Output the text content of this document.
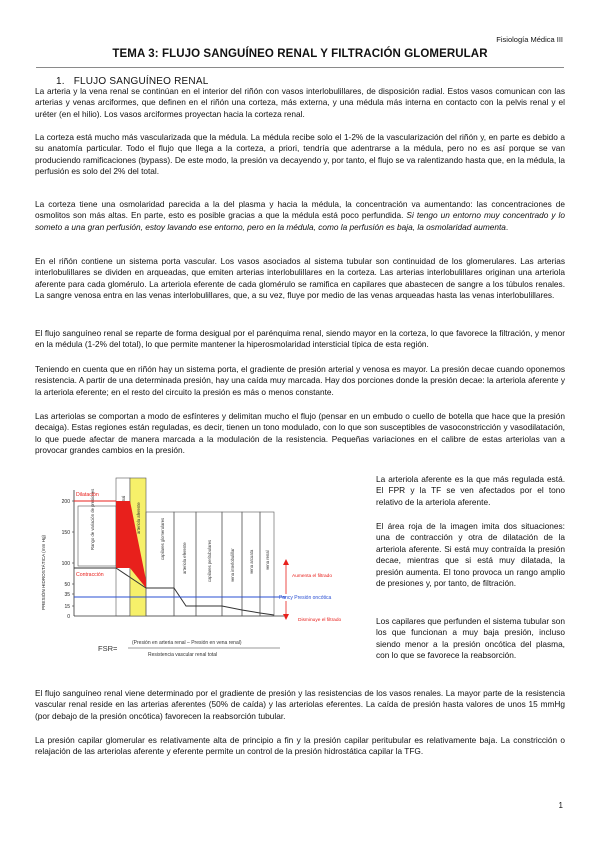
Fisiología Médica III
TEMA 3: FLUJO SANGUÍNEO RENAL Y FILTRACIÓN GLOMERULAR
1. FLUJO SANGUÍNEO RENAL

La arteria y la vena renal se continúan en el interior del riñón con vasos interlobulillares, de disposición radial. Estos vasos comunican con las arterias y venas arciformes, que definen en el riñón una corteza, más externa, y una médula más interna en contacto con la pelvis renal y el uréter (en el hilio). Los vasos arciformes proyectan hacia la corteza renal.

La corteza está mucho más vascularizada que la médula. La médula recibe solo el 1-2% de la vascularización del riñón y, en parte es debido a su anatomía particular. Todo el flujo que llega a la corteza, a priori, tendría que adentrarse a la médula, pero no es así porque se van produciendo ramificaciones (bypass). De este modo, la presión va decayendo y, por tanto, el flujo se va ralentizando hasta que, en la médula, la perfusión es solo del 2% del total.

La corteza tiene una osmolaridad parecida a la del plasma y hacia la médula, la concentración va aumentando: las concentraciones de osmolitos son más altas. En parte, esto es posible gracias a que la médula está poco perfundida. Si tengo un entorno muy concentrado y lo someto a una gran perfusión, estoy lavando ese entorno, pero en la médula, como la perfusión es baja, la osmolaridad aumenta.

En el riñón contiene un sistema porta vascular. Los vasos asociados al sistema tubular son continuidad de los glomerulares. Las arterias interlobulillares se dividen en arqueadas, que emiten arterias interlobulillares en la corteza. Las arterias interlobulillares originan una arteriola aferente para cada glomérulo. La arteriola eferente de cada glomérulo se ramifica en capilares que abastecen de sangre a los túbulos renales. La sangre venosa entra en las venas interlobulillares, que, a su vez, fluye por medio de las venas arqueadas hasta las venas interlobulillares.

El flujo sanguíneo renal se reparte de forma desigual por el parénquima renal, siendo mayor en la corteza, lo que favorece la filtración, y menor en la médula (1-2% del total), lo que permite mantener la hiperosmolaridad intersticial típica de esta región.

Teniendo en cuenta que en riñón hay un sistema porta, el gradiente de presión arterial y venosa es mayor. La presión decae cuando oponemos resistencia. A partir de una determinada presión, hay una caída muy marcada. Hay dos porciones donde la presión decae: la arteriola aferente y la arteriola eferente; en el resto del circuito la presión es más o menos constante.

Las arteriolas se comportan a modo de esfínteres y delimitan mucho el flujo (pensar en un embudo o cuello de botella que hace que la presión decaiga). Estas regiones están reguladas, es decir, tienen un tono modulado, con lo que son susceptibles de vasoconstricción y vasodilatación, lo que puede afectar de manera marcada a la modulación de la resistencia. Pequeñas variaciones en el calibre de estas arteriolas van a provocar grandes cambios en la presión.

PRESIÓN HIDROSTÁTICA (mm Hg)
200
150
100
50
35
15
0
arteriola aferente	capilares glomerulares	arteriola eferente	capilares peritubulares	vena interlobulillar	vena arcuata	vena renal
Rango de variación de presiones
Dilatación
Contracción
Pancy Presión oncótica
Aumenta el filtrado
Disminuye el filtrado
FSR=
(Presión en arteria renal – Presión en vena renal)
Resistencia vascular renal total

La arteriola aferente es la que más regulada está. El FPR y la TF se ven afectados por el tono relativo de la arteriola aferente.

El área roja de la imagen imita dos situaciones: una de contracción y otra de dilatación de la arteriola aferente. Si está muy contraída la presión decae, mientras que si está muy dilatada, la presión aumenta. El tono provoca un rango amplio de presiones y, por tanto, de filtración.

Los capilares que perfunden el sistema tubular son los que funcionan a muy baja presión, incluso siendo menor a la presión oncótica del plasma, con lo que se favorece la reabsorción.

El flujo sanguíneo renal viene determinado por el gradiente de presión y las resistencias de los vasos renales. La mayor parte de la resistencia vascular renal reside en las arterias aferentes (50% de caída) y las arteriolas eferentes. La caída de presión hasta valores de unos 15 mmHg (por debajo de la presión oncótica) favorecen la reabsorción tubular.

La presión capilar glomerular es relativamente alta de principio a fin y la presión capilar peritubular es relativamente baja. La constricción o relajación de las arteriolas aferente y eferente permite un control de la presión hidrostática capilar la TFG.

1
